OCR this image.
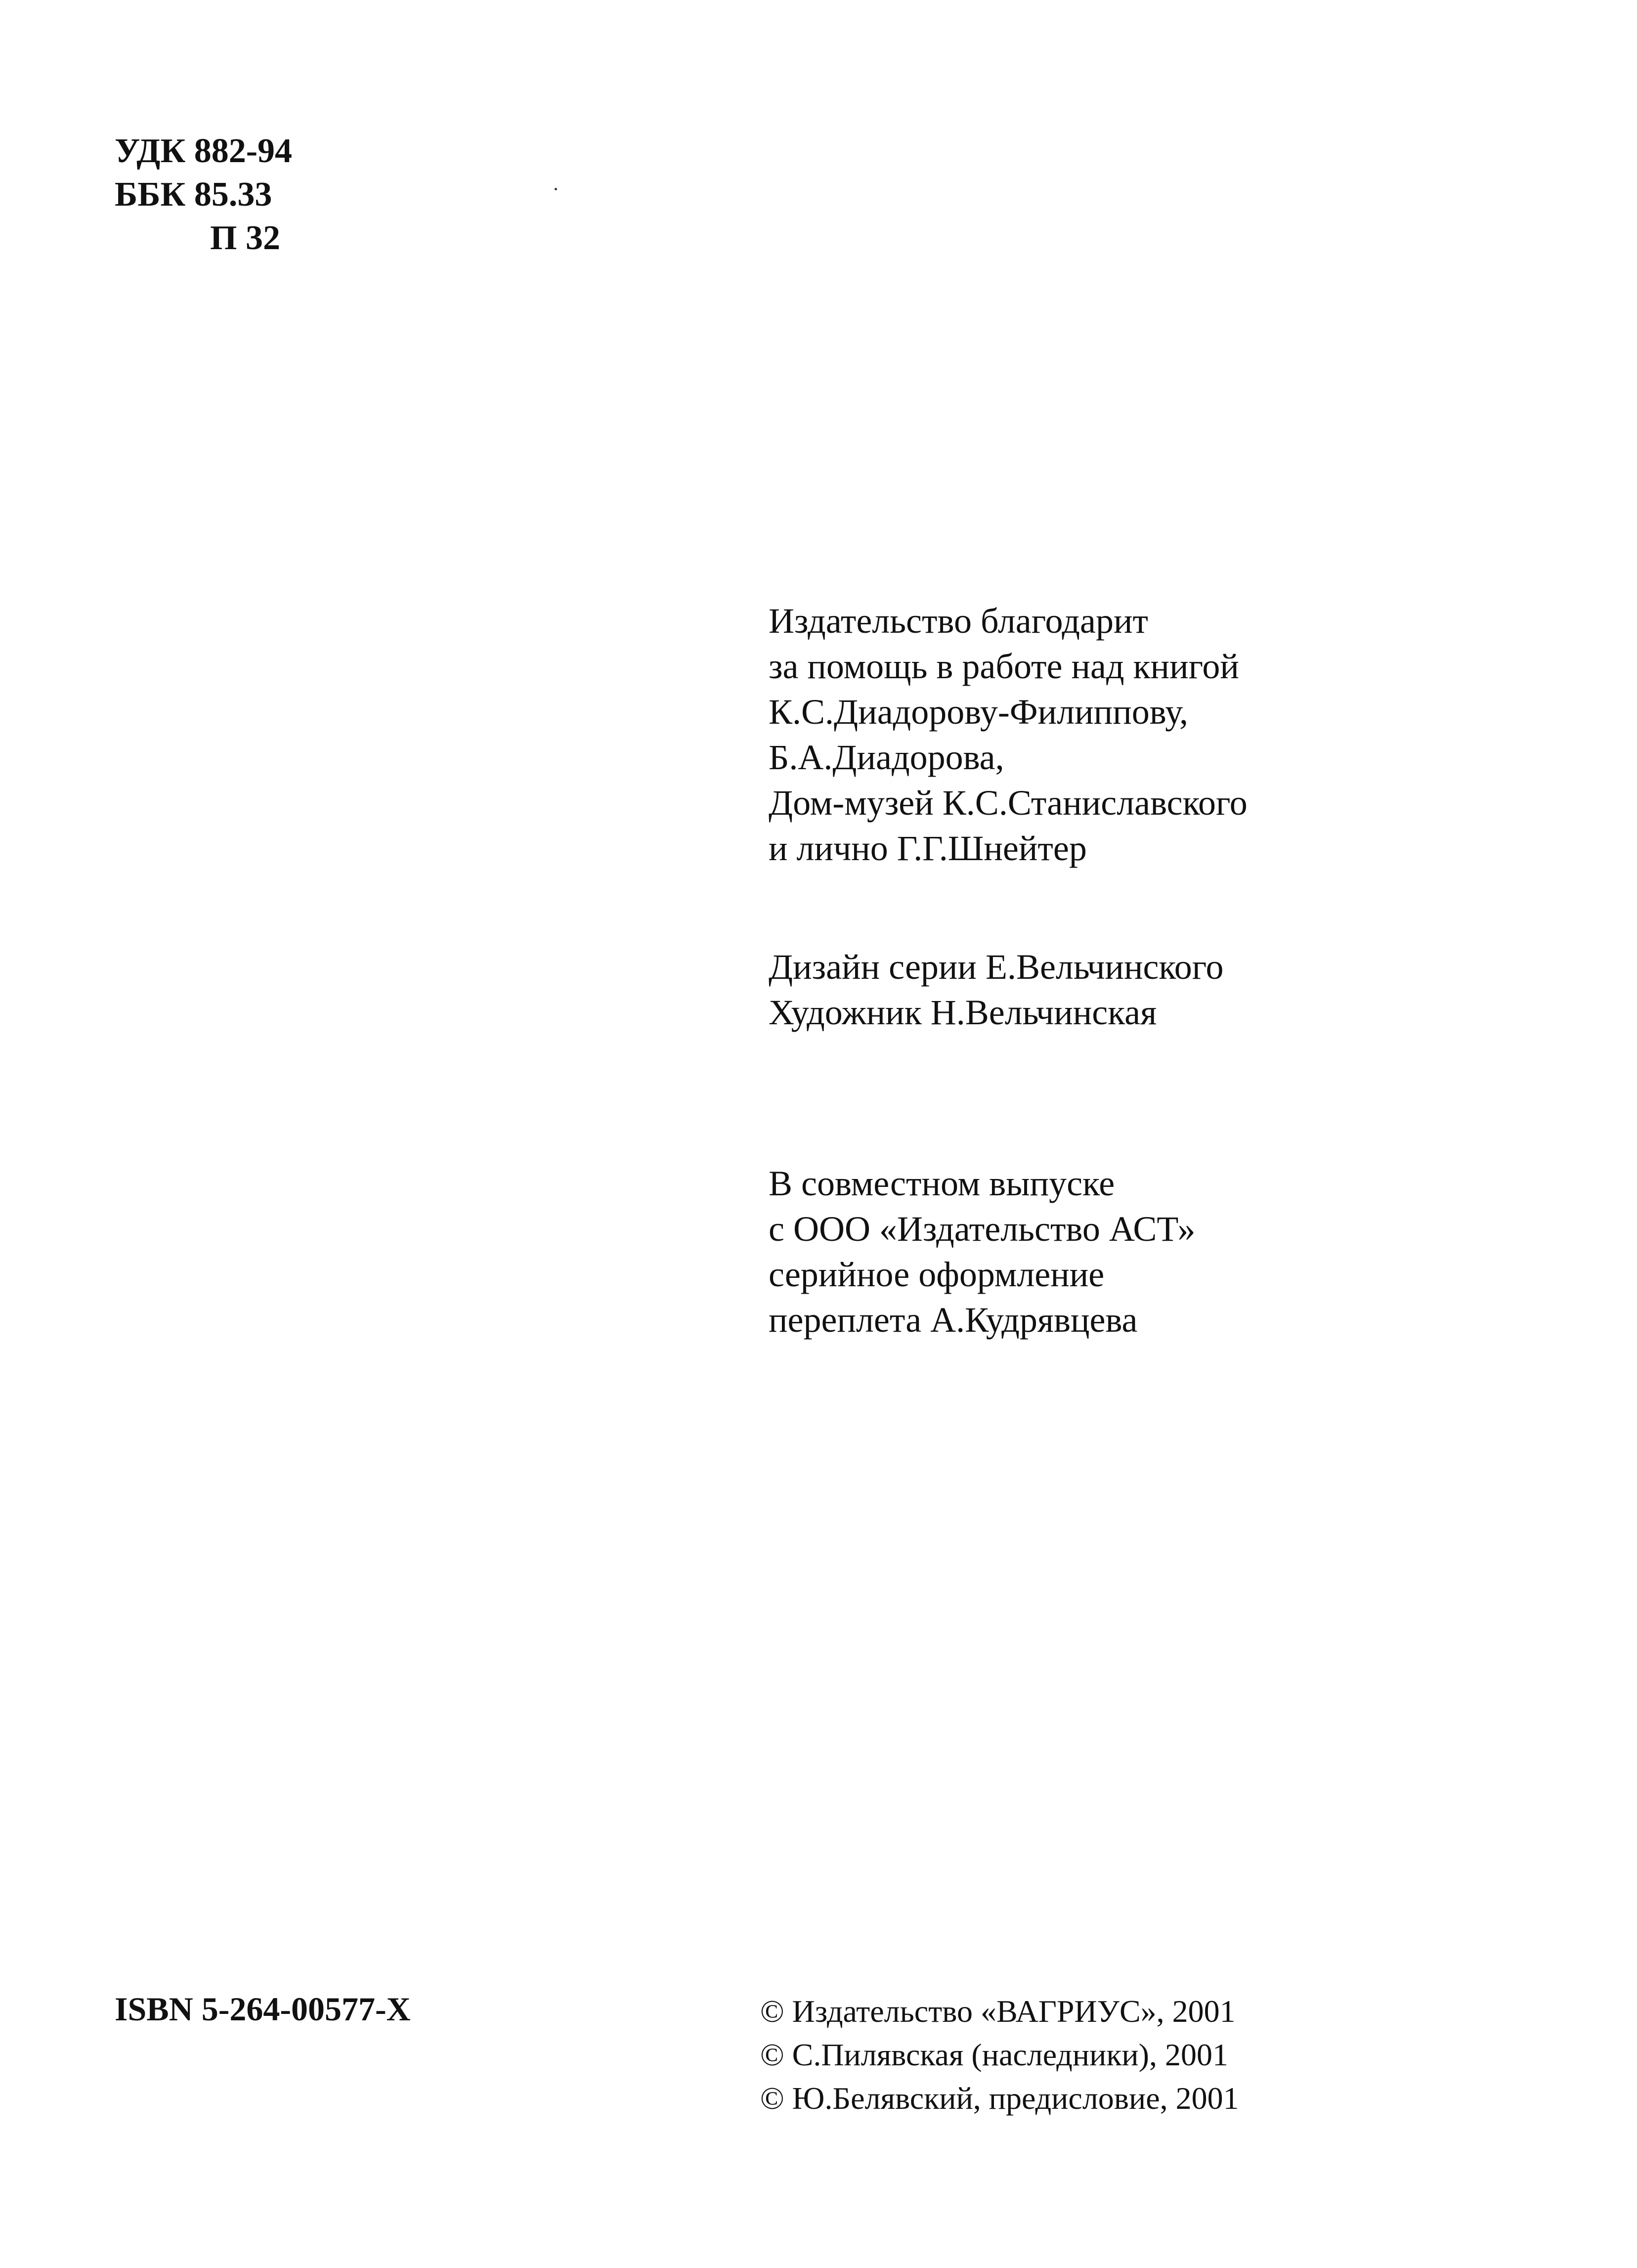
УДК 882-94
ББК 85.33
П 32
Издательство благодарит
за помощь в работе над книгой
К.С.Диадорову-Филиппову,
Б.А.Диадорова,
Дом-музей К.С.Станиславского
и лично Г.Г.Шнейтер
Дизайн серии Е.Вельчинского
Художник Н.Вельчинская
В совместном выпуске
с ООО «Издательство АСТ»
серийное оформление
переплета А.Кудрявцева
ISBN 5-264-00577-X	© Издательство «ВАГРИУС», 2001
© С.Пилявская (наследники), 2001
© Ю.Белявский, предисловие, 2001
